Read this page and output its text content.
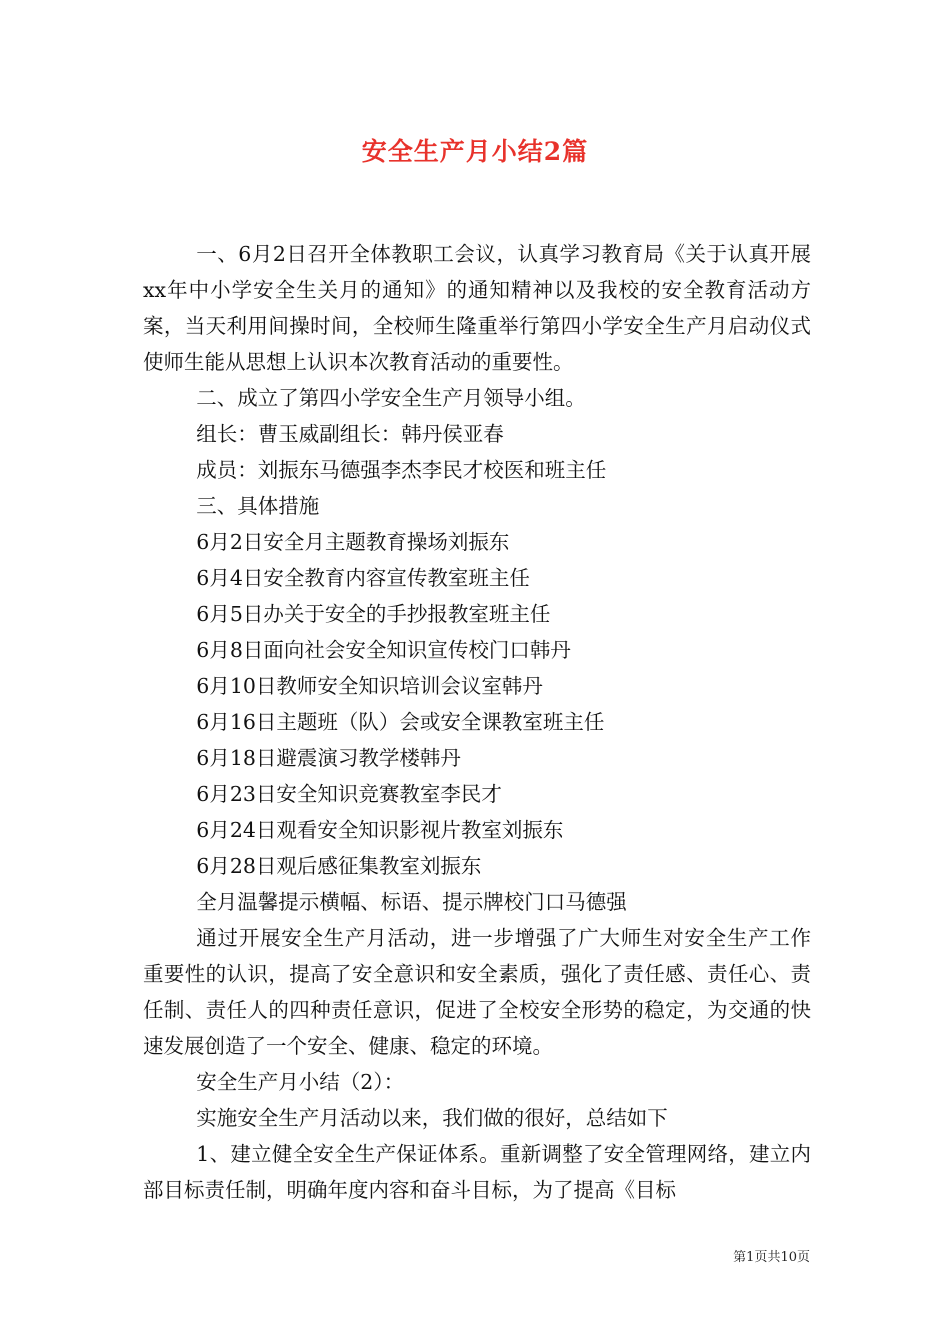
安全生产月小结2篇

一、6月2日召开全体教职工会议，认真学习教育局《关于认真开展xx年中小学安全生关月的通知》的通知精神以及我校的安全教育活动方案，当天利用间操时间，全校师生隆重举行第四小学安全生产月启动仪式使师生能从思想上认识本次教育活动的重要性。

二、成立了第四小学安全生产月领导小组。

组长：曹玉威副组长：韩丹侯亚春

成员：刘振东马德强李杰李民才校医和班主任

三、具体措施

6月2日安全月主题教育操场刘振东

6月4日安全教育内容宣传教室班主任

6月5日办关于安全的手抄报教室班主任

6月8日面向社会安全知识宣传校门口韩丹

6月10日教师安全知识培训会议室韩丹

6月16日主题班（队）会或安全课教室班主任

6月18日避震演习教学楼韩丹

6月23日安全知识竞赛教室李民才

6月24日观看安全知识影视片教室刘振东

6月28日观后感征集教室刘振东

全月温馨提示横幅、标语、提示牌校门口马德强

通过开展安全生产月活动，进一步增强了广大师生对安全生产工作重要性的认识，提高了安全意识和安全素质，强化了责任感、责任心、责任制、责任人的四种责任意识，促进了全校安全形势的稳定，为交通的快速发展创造了一个安全、健康、稳定的环境。

安全生产月小结（2）：

实施安全生产月活动以来，我们做的很好，总结如下

1、建立健全安全生产保证体系。重新调整了安全管理网络，建立内部目标责任制，明确年度内容和奋斗目标，为了提高《目标

第1页共10页
